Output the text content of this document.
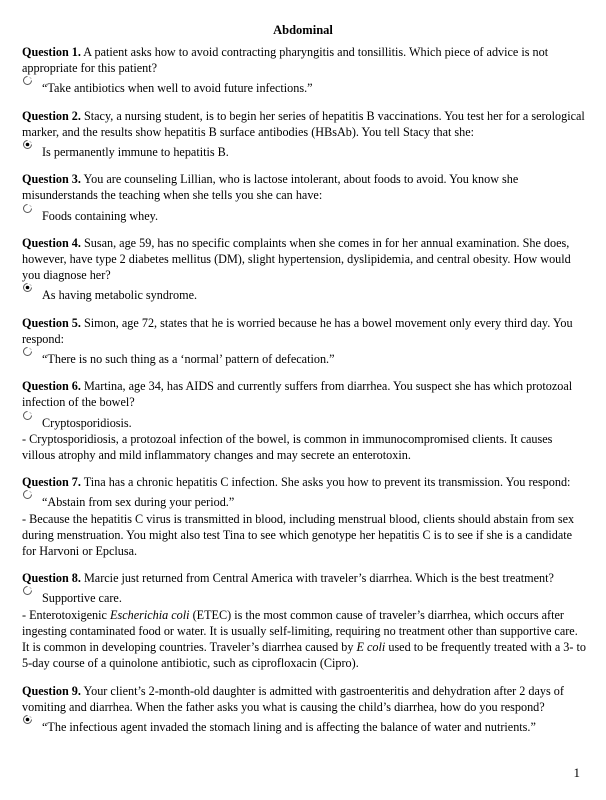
Abdominal

Question 1. A patient asks how to avoid contracting pharyngitis and tonsillitis. Which piece of advice is not appropriate for this patient?

“Take antibiotics when well to avoid future infections.”

Question 2. Stacy, a nursing student, is to begin her series of hepatitis B vaccinations. You test her for a serological marker, and the results show hepatitis B surface antibodies (HBsAb). You tell Stacy that she:

Is permanently immune to hepatitis B.

Question 3. You are counseling Lillian, who is lactose intolerant, about foods to avoid. You know she misunderstands the teaching when she tells you she can have:

Foods containing whey.

Question 4. Susan, age 59, has no specific complaints when she comes in for her annual examination. She does, however, have type 2 diabetes mellitus (DM), slight hypertension, dyslipidemia, and central obesity. How would you diagnose her?

As having metabolic syndrome.

Question 5. Simon, age 72, states that he is worried because he has a bowel movement only every third day. You respond:

“There is no such thing as a ‘normal’ pattern of defecation.”

Question 6. Martina, age 34, has AIDS and currently suffers from diarrhea. You suspect she has which protozoal infection of the bowel?

Cryptosporidiosis.

- Cryptosporidiosis, a protozoal infection of the bowel, is common in immunocompromised clients. It causes villous atrophy and mild inflammatory changes and may secrete an enterotoxin.

Question 7. Tina has a chronic hepatitis C infection. She asks you how to prevent its transmission. You respond:

“Abstain from sex during your period.”

- Because the hepatitis C virus is transmitted in blood, including menstrual blood, clients should abstain from sex during menstruation. You might also test Tina to see which genotype her hepatitis C is to see if she is a candidate for Harvoni or Epclusa.

Question 8. Marcie just returned from Central America with traveler’s diarrhea. Which is the best treatment?

Supportive care.

- Enterotoxigenic Escherichia coli (ETEC) is the most common cause of traveler’s diarrhea, which occurs after ingesting contaminated food or water. It is usually self-limiting, requiring no treatment other than supportive care. It is common in developing countries. Traveler’s diarrhea caused by E coli used to be frequently treated with a 3- to 5-day course of a quinolone antibiotic, such as ciprofloxacin (Cipro).

Question 9. Your client’s 2-month-old daughter is admitted with gastroenteritis and dehydration after 2 days of vomiting and diarrhea. When the father asks you what is causing the child’s diarrhea, how do you respond?

“The infectious agent invaded the stomach lining and is affecting the balance of water and nutrients.”
1
